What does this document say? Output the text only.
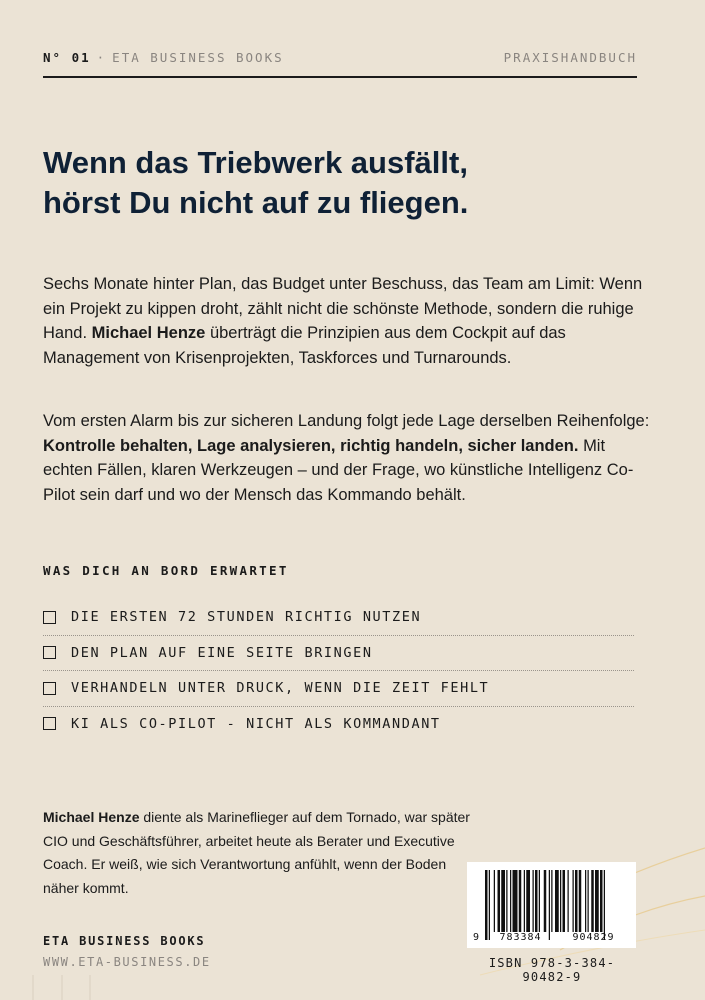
N° 01 · ETA BUSINESS BOOKS	PRAXISHANDBUCH
Wenn das Triebwerk ausfällt,
hörst Du nicht auf zu fliegen.

Sechs Monate hinter Plan, das Budget unter Beschuss, das Team am Limit: Wenn ein Projekt zu kippen droht, zählt nicht die schönste Methode, sondern die ruhige Hand. Michael Henze überträgt die Prinzipien aus dem Cockpit auf das Management von Krisenprojekten, Taskforces und Turnarounds.

Vom ersten Alarm bis zur sicheren Landung folgt jede Lage derselben Reihenfolge: Kontrolle behalten, Lage analysieren, richtig handeln, sicher landen. Mit echten Fällen, klaren Werkzeugen – und der Frage, wo künstliche Intelligenz Co-Pilot sein darf und wo der Mensch das Kommando behält.

WAS DICH AN BORD ERWARTET
DIE ERSTEN 72 STUNDEN RICHTIG NUTZEN
DEN PLAN AUF EINE SEITE BRINGEN
VERHANDELN UNTER DRUCK, WENN DIE ZEIT FEHLT
KI ALS CO-PILOT - NICHT ALS KOMMANDANT

Michael Henze diente als Marineflieger auf dem Tornado, war später CIO und Geschäftsführer, arbeitet heute als Berater und Executive Coach. Er weiß, wie sich Verantwortung anfühlt, wenn der Boden näher kommt.

ETA BUSINESS BOOKS
WWW.ETA-BUSINESS.DE
9	783384	904829
ISBN 978-3-384-90482-9
